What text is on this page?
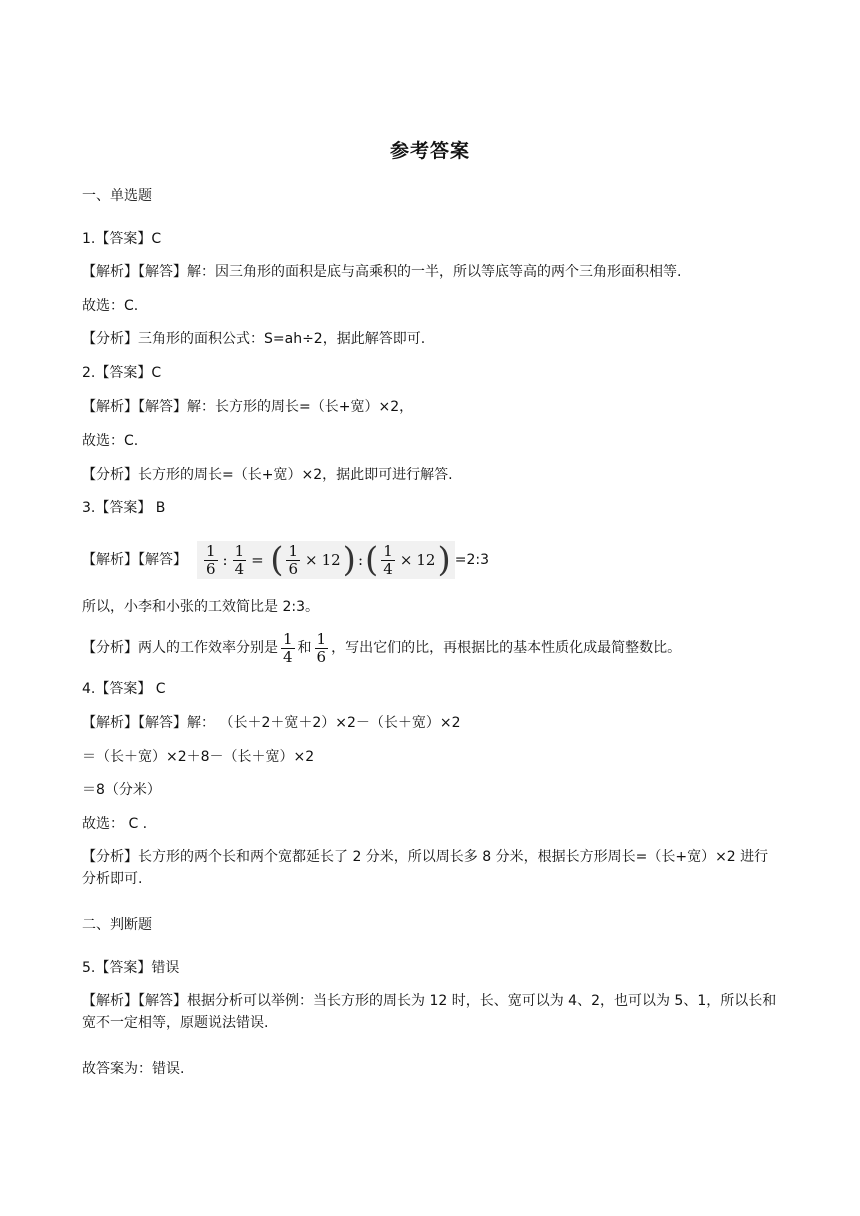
参考答案
一、单选题
1.【答案】C
【解析】【解答】解：因三角形的面积是底与高乘积的一半，所以等底等高的两个三角形面积相等.
故选：C.
【分析】三角形的面积公式：S=ah÷2，据此解答即可.
2.【答案】C
【解析】【解答】解：长方形的周长=（长+宽）×2，
故选：C.
【分析】长方形的周长=（长+宽）×2，据此即可进行解答.
3.【答案】 B
【解析】【解答】 $\frac{1}{6}$ : $\frac{1}{4}$ = ( $\frac{1}{6} \times 12$) :( $\frac{1}{4} \times 12$) =2:3
所以，小李和小张的工效简比是 2:3。
【分析】两人的工作效率分别是 $\frac{1}{4}$ 和 $\frac{1}{6}$ ，写出它们的比，再根据比的基本性质化成最简整数比。
4.【答案】 C
【解析】【解答】解： （长＋2＋宽＋2）×2－（长＋宽）×2
＝（长＋宽）×2＋8－（长＋宽）×2
＝8（分米）
故选： C .
【分析】长方形的两个长和两个宽都延长了 2 分米，所以周长多 8 分米，根据长方形周长=（长+宽）×2 进行分析即可.
二、判断题
5.【答案】错误
【解析】【解答】根据分析可以举例：当长方形的周长为 12 时，长、宽可以为 4、2，也可以为 5、1，所以长和宽不一定相等，原题说法错误.
故答案为：错误.
